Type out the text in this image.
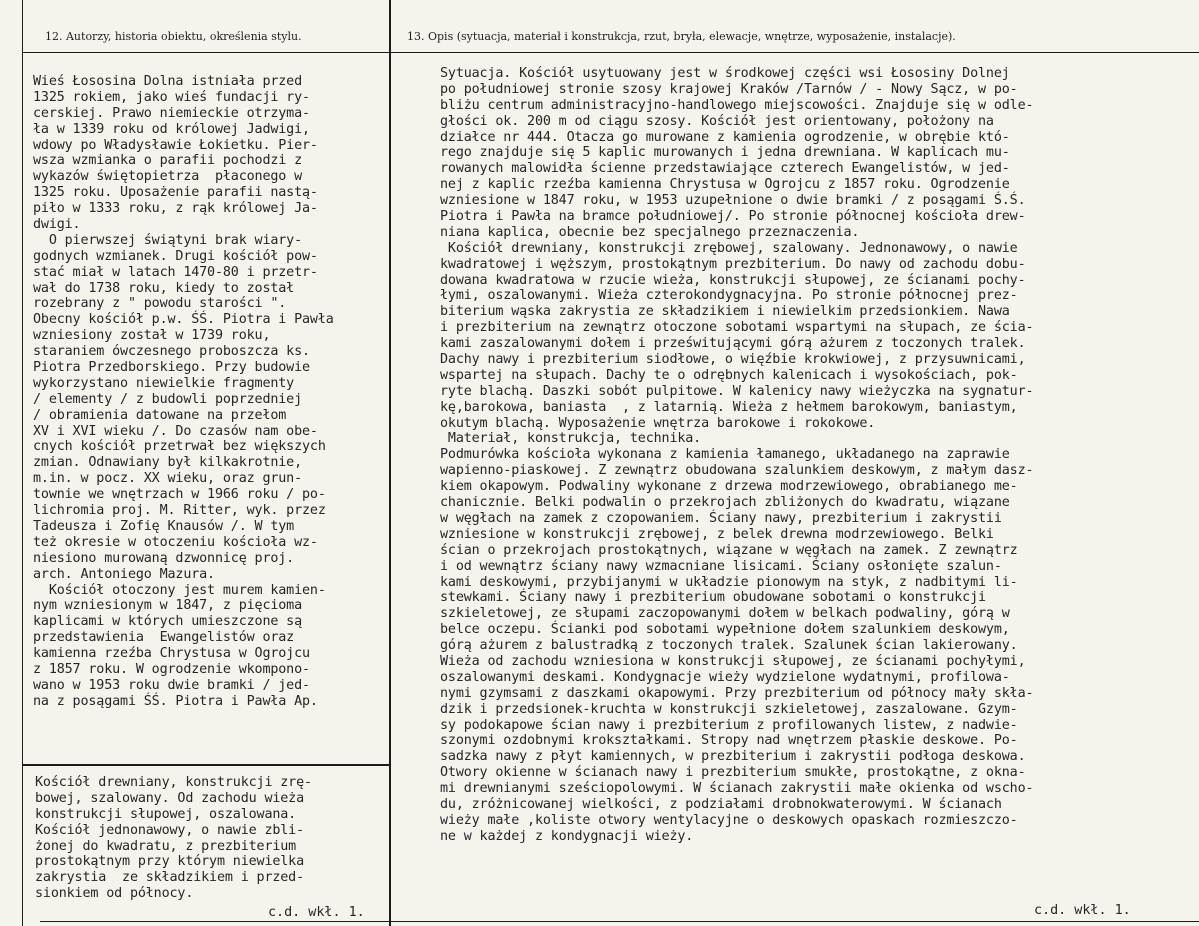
12. Autorzy, historia obiektu, określenia stylu.	13. Opis (sytuacja, materiał i konstrukcja, rzut, bryła, elewacje, wnętrze, wyposażenie, instalacje).
Wieś Łososina Dolna istniała przed
1325 rokiem, jako wieś fundacji ry-
cerskiej. Prawo niemieckie otrzyma-
ła w 1339 roku od królowej Jadwigi,
wdowy po Władysławie Łokietku. Pier-
wsza wzmianka o parafii pochodzi z
wykazów świętopietrza  płaconego w
1325 roku. Uposażenie parafii nastą-
piło w 1333 roku, z rąk królowej Ja-
dwigi.
O pierwszej świątyni brak wiary-
godnych wzmianek. Drugi kościół pow-
stać miał w latach 1470-80 i przetr-
wał do 1738 roku, kiedy to został
rozebrany z " powodu starości ".
Obecny kościół p.w. ŚŚ. Piotra i Pawła
wzniesiony został w 1739 roku,
staraniem ówczesnego proboszcza ks.
Piotra Przedborskiego. Przy budowie
wykorzystano niewielkie fragmenty
/ elementy / z budowli poprzedniej
/ obramienia datowane na przełom
XV i XVI wieku /. Do czasów nam obe-
cnych kościół przetrwał bez większych
zmian. Odnawiany był kilkakrotnie,
m.in. w pocz. XX wieku, oraz grun-
townie we wnętrzach w 1966 roku / po-
lichromia proj. M. Ritter, wyk. przez
Tadeusza i Zofię Knausów /. W tym
też okresie w otoczeniu kościoła wz-
niesiono murowaną dzwonnicę proj.
arch. Antoniego Mazura.
Kościół otoczony jest murem kamien-
nym wzniesionym w 1847, z pięcioma
kaplicami w których umieszczone są
przedstawienia  Ewangelistów oraz
kamienna rzeźba Chrystusa w Ogrojcu
z 1857 roku. W ogrodzenie wkompono-
wano w 1953 roku dwie bramki / jed-
na z posągami ŚŚ. Piotra i Pawła Ap.
Kościół drewniany, konstrukcji zrę-
bowej, szalowany. Od zachodu wieża
konstrukcji słupowej, oszalowana.
Kościół jednonawowy, o nawie zbli-
żonej do kwadratu, z prezbiterium
prostokątnym przy którym niewielka
zakrystia  ze składzikiem i przed-
sionkiem od północy.
c.d. wkł. 1.
Sytuacja. Kościół usytuowany jest w środkowej części wsi Łososiny Dolnej
po południowej stronie szosy krajowej Kraków /Tarnów / - Nowy Sącz, w po-
bliżu centrum administracyjno-handlowego miejscowości. Znajduje się w odle-
głości ok. 200 m od ciągu szosy. Kościół jest orientowany, położony na
działce nr 444. Otacza go murowane z kamienia ogrodzenie, w obrębie któ-
rego znajduje się 5 kaplic murowanych i jedna drewniana. W kaplicach mu-
rowanych malowidła ścienne przedstawiające czterech Ewangelistów, w jed-
nej z kaplic rzeźba kamienna Chrystusa w Ogrojcu z 1857 roku. Ogrodzenie
wzniesione w 1847 roku, w 1953 uzupełnione o dwie bramki / z posągami Ś.Ś.
Piotra i Pawła na bramce południowej/. Po stronie północnej kościoła drew-
niana kaplica, obecnie bez specjalnego przeznaczenia.
Kościół drewniany, konstrukcji zrębowej, szalowany. Jednonawowy, o nawie
kwadratowej i węższym, prostokątnym prezbiterium. Do nawy od zachodu dobu-
dowana kwadratowa w rzucie wieża, konstrukcji słupowej, ze ścianami pochy-
łymi, oszalowanymi. Wieża czterokondygnacyjna. Po stronie północnej prez-
biterium wąska zakrystia ze składzikiem i niewielkim przedsionkiem. Nawa
i prezbiterium na zewnątrz otoczone sobotami wspartymi na słupach, ze ścia-
kami zaszalowanymi dołem i prześwitującymi górą ażurem z toczonych tralek.
Dachy nawy i prezbiterium siodłowe, o więźbie krokwiowej, z przysuwnicami,
wspartej na słupach. Dachy te o odrębnych kalenicach i wysokościach, pok-
ryte blachą. Daszki sobót pulpitowe. W kalenicy nawy wieżyczka na sygnatur-
kę,barokowa, baniasta  , z latarnią. Wieża z hełmem barokowym, baniastym,
okutym blachą. Wyposażenie wnętrza barokowe i rokokowe.
Materiał, konstrukcja, technika.
Podmurówka kościoła wykonana z kamienia łamanego, układanego na zaprawie
wapienno-piaskowej. Z zewnątrz obudowana szalunkiem deskowym, z małym dasz-
kiem okapowym. Podwaliny wykonane z drzewa modrzewiowego, obrabianego me-
chanicznie. Belki podwalin o przekrojach zbliżonych do kwadratu, wiązane
w węgłach na zamek z czopowaniem. Ściany nawy, prezbiterium i zakrystii
wzniesione w konstrukcji zrębowej, z belek drewna modrzewiowego. Belki
ścian o przekrojach prostokątnych, wiązane w węgłach na zamek. Z zewnątrz
i od wewnątrz ściany nawy wzmacniane lisicami. Ściany osłonięte szalun-
kami deskowymi, przybijanymi w układzie pionowym na styk, z nadbitymi li-
stewkami. Ściany nawy i prezbiterium obudowane sobotami o konstrukcji
szkieletowej, ze słupami zaczopowanymi dołem w belkach podwaliny, górą w
belce oczepu. Ścianki pod sobotami wypełnione dołem szalunkiem deskowym,
górą ażurem z balustradką z toczonych tralek. Szalunek ścian lakierowany.
Wieża od zachodu wzniesiona w konstrukcji słupowej, ze ścianami pochyłymi,
oszalowanymi deskami. Kondygnacje wieży wydzielone wydatnymi, profilowa-
nymi gzymsami z daszkami okapowymi. Przy prezbiterium od północy mały skła-
dzik i przedsionek-kruchta w konstrukcji szkieletowej, zaszalowane. Gzym-
sy podokapowe ścian nawy i prezbiterium z profilowanych listew, z nadwie-
szonymi ozdobnymi krokształkami. Stropy nad wnętrzem płaskie deskowe. Po-
sadzka nawy z płyt kamiennych, w prezbiterium i zakrystii podłoga deskowa.
Otwory okienne w ścianach nawy i prezbiterium smukłe, prostokątne, z okna-
mi drewnianymi sześciopolowymi. W ścianach zakrystii małe okienka od wscho-
du, zróżnicowanej wielkości, z podziałami drobnokwaterowymi. W ścianach
wieży małe ,koliste otwory wentylacyjne o deskowych opaskach rozmieszczo-
ne w każdej z kondygnacji wieży.
c.d. wkł. 1.
